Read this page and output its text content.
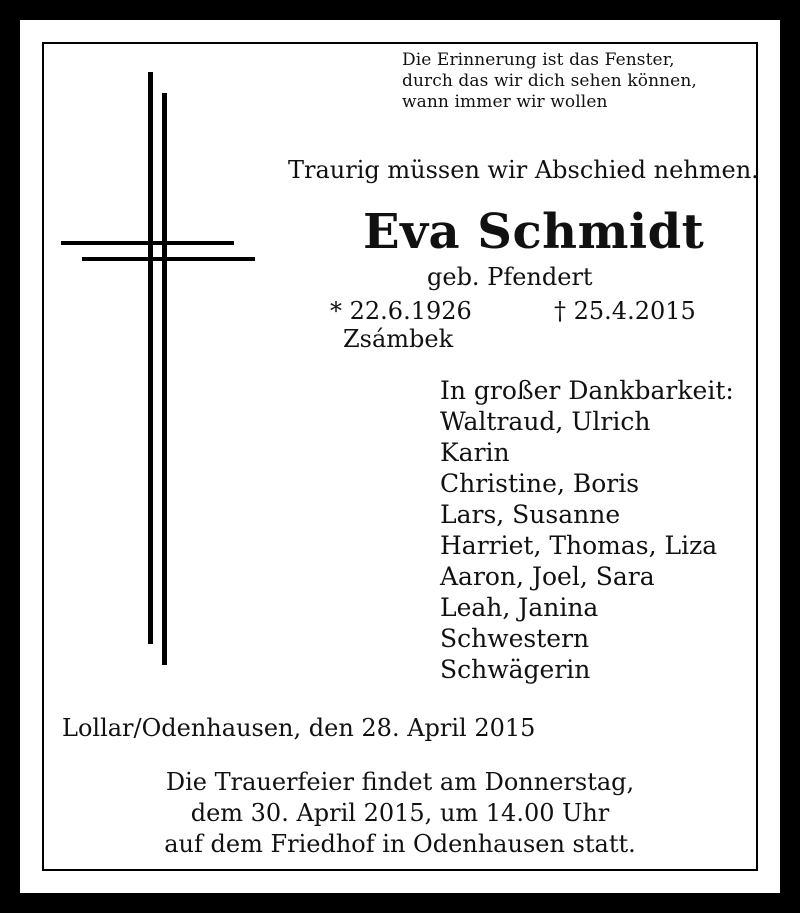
Die Erinnerung ist das Fenster,
durch das wir dich sehen können,
wann immer wir wollen
Traurig müssen wir Abschied nehmen.
Eva Schmidt
geb. Pfendert
* 22.6.1926
Zsámbek
† 25.4.2015
In großer Dankbarkeit:
Waltraud, Ulrich
Karin
Christine, Boris
Lars, Susanne
Harriet, Thomas, Liza
Aaron, Joel, Sara
Leah, Janina
Schwestern
Schwägerin
Lollar/Odenhausen, den 28. April 2015
Die Trauerfeier findet am Donnerstag,
dem 30. April 2015, um 14.00 Uhr
auf dem Friedhof in Odenhausen statt.
